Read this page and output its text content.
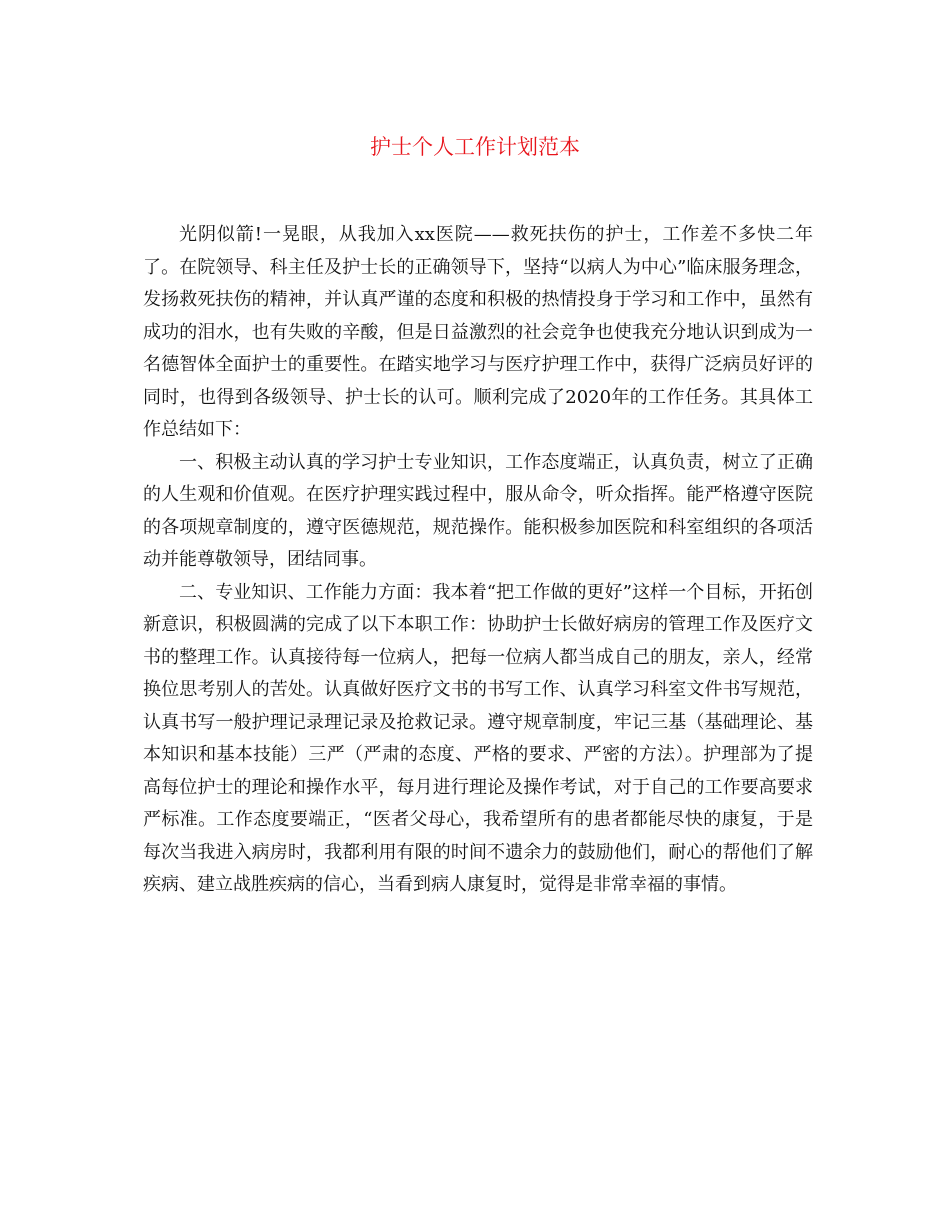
护士个人工作计划范本

光阴似箭!一晃眼，从我加入xx医院——救死扶伤的护士，工作差不多快二年了。在院领导、科主任及护士长的正确领导下，坚持“以病人为中心”临床服务理念，发扬救死扶伤的精神，并认真严谨的态度和积极的热情投身于学习和工作中，虽然有成功的泪水，也有失败的辛酸，但是日益激烈的社会竞争也使我充分地认识到成为一名德智体全面护士的重要性。在踏实地学习与医疗护理工作中，获得广泛病员好评的同时，也得到各级领导、护士长的认可。顺利完成了2020年的工作任务。其具体工作总结如下：

一、积极主动认真的学习护士专业知识，工作态度端正，认真负责，树立了正确的人生观和价值观。在医疗护理实践过程中，服从命令，听众指挥。能严格遵守医院的各项规章制度的，遵守医德规范，规范操作。能积极参加医院和科室组织的各项活动并能尊敬领导，团结同事。

二、专业知识、工作能力方面：我本着“把工作做的更好”这样一个目标，开拓创新意识，积极圆满的完成了以下本职工作：协助护士长做好病房的管理工作及医疗文书的整理工作。认真接待每一位病人，把每一位病人都当成自己的朋友，亲人，经常换位思考别人的苦处。认真做好医疗文书的书写工作、认真学习科室文件书写规范，认真书写一般护理记录理记录及抢救记录。遵守规章制度，牢记三基（基础理论、基本知识和基本技能）三严（严肃的态度、严格的要求、严密的方法）。护理部为了提高每位护士的理论和操作水平，每月进行理论及操作考试，对于自己的工作要高要求严标准。工作态度要端正，“医者父母心，我希望所有的患者都能尽快的康复，于是每次当我进入病房时，我都利用有限的时间不遗余力的鼓励他们，耐心的帮他们了解疾病、建立战胜疾病的信心，当看到病人康复时，觉得是非常幸福的事情。
